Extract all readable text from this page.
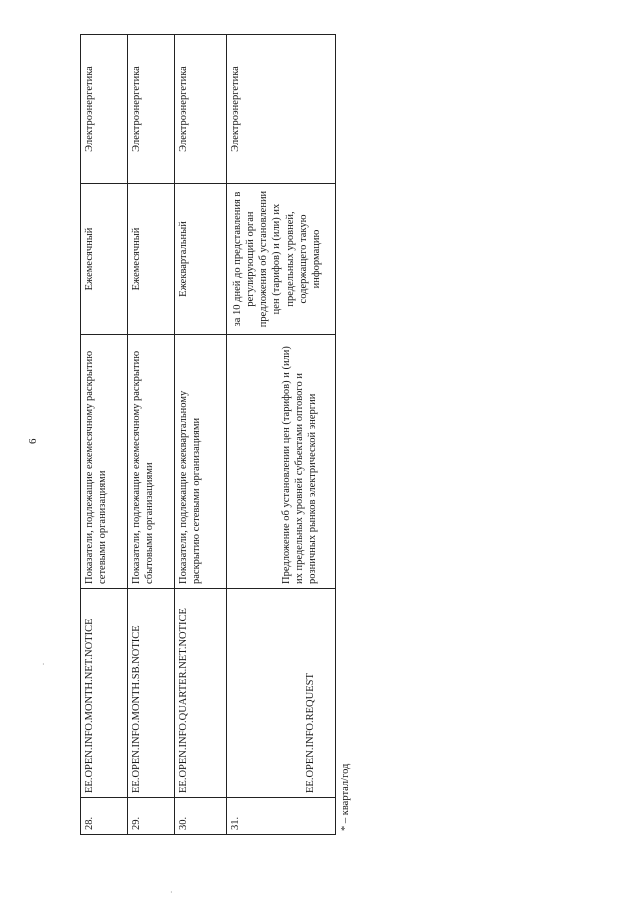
6
28.	EE.OPEN.INFO.MONTH.NET.NOTICE	Показатели, подлежащие ежемесячному раскрытию сетевыми организациями	Ежемесячный	Электроэнергетика
29.	EE.OPEN.INFO.MONTH.SB.NOTICE	Показатели, подлежащие ежемесячному раскрытию сбытовыми организациями	Ежемесячный	Электроэнергетика
30.	EE.OPEN.INFO.QUARTER.NET.NOTICE	Показатели, подлежащие ежеквартальному раскрытию сетевыми организациями	Ежеквартальный	Электроэнергетика
31.	EE.OPEN.INFO.REQUEST	Предложение об установлении цен (тарифов) и (или) их предельных уровней субъектами оптового и розничных рынков электрической энергии	за 10 дней до представления в регулирующий орган предложения об установлении цен (тарифов) и (или) их предельных уровней, содержащего такую информацию	Электроэнергетика
* – квартал/год
·
·
